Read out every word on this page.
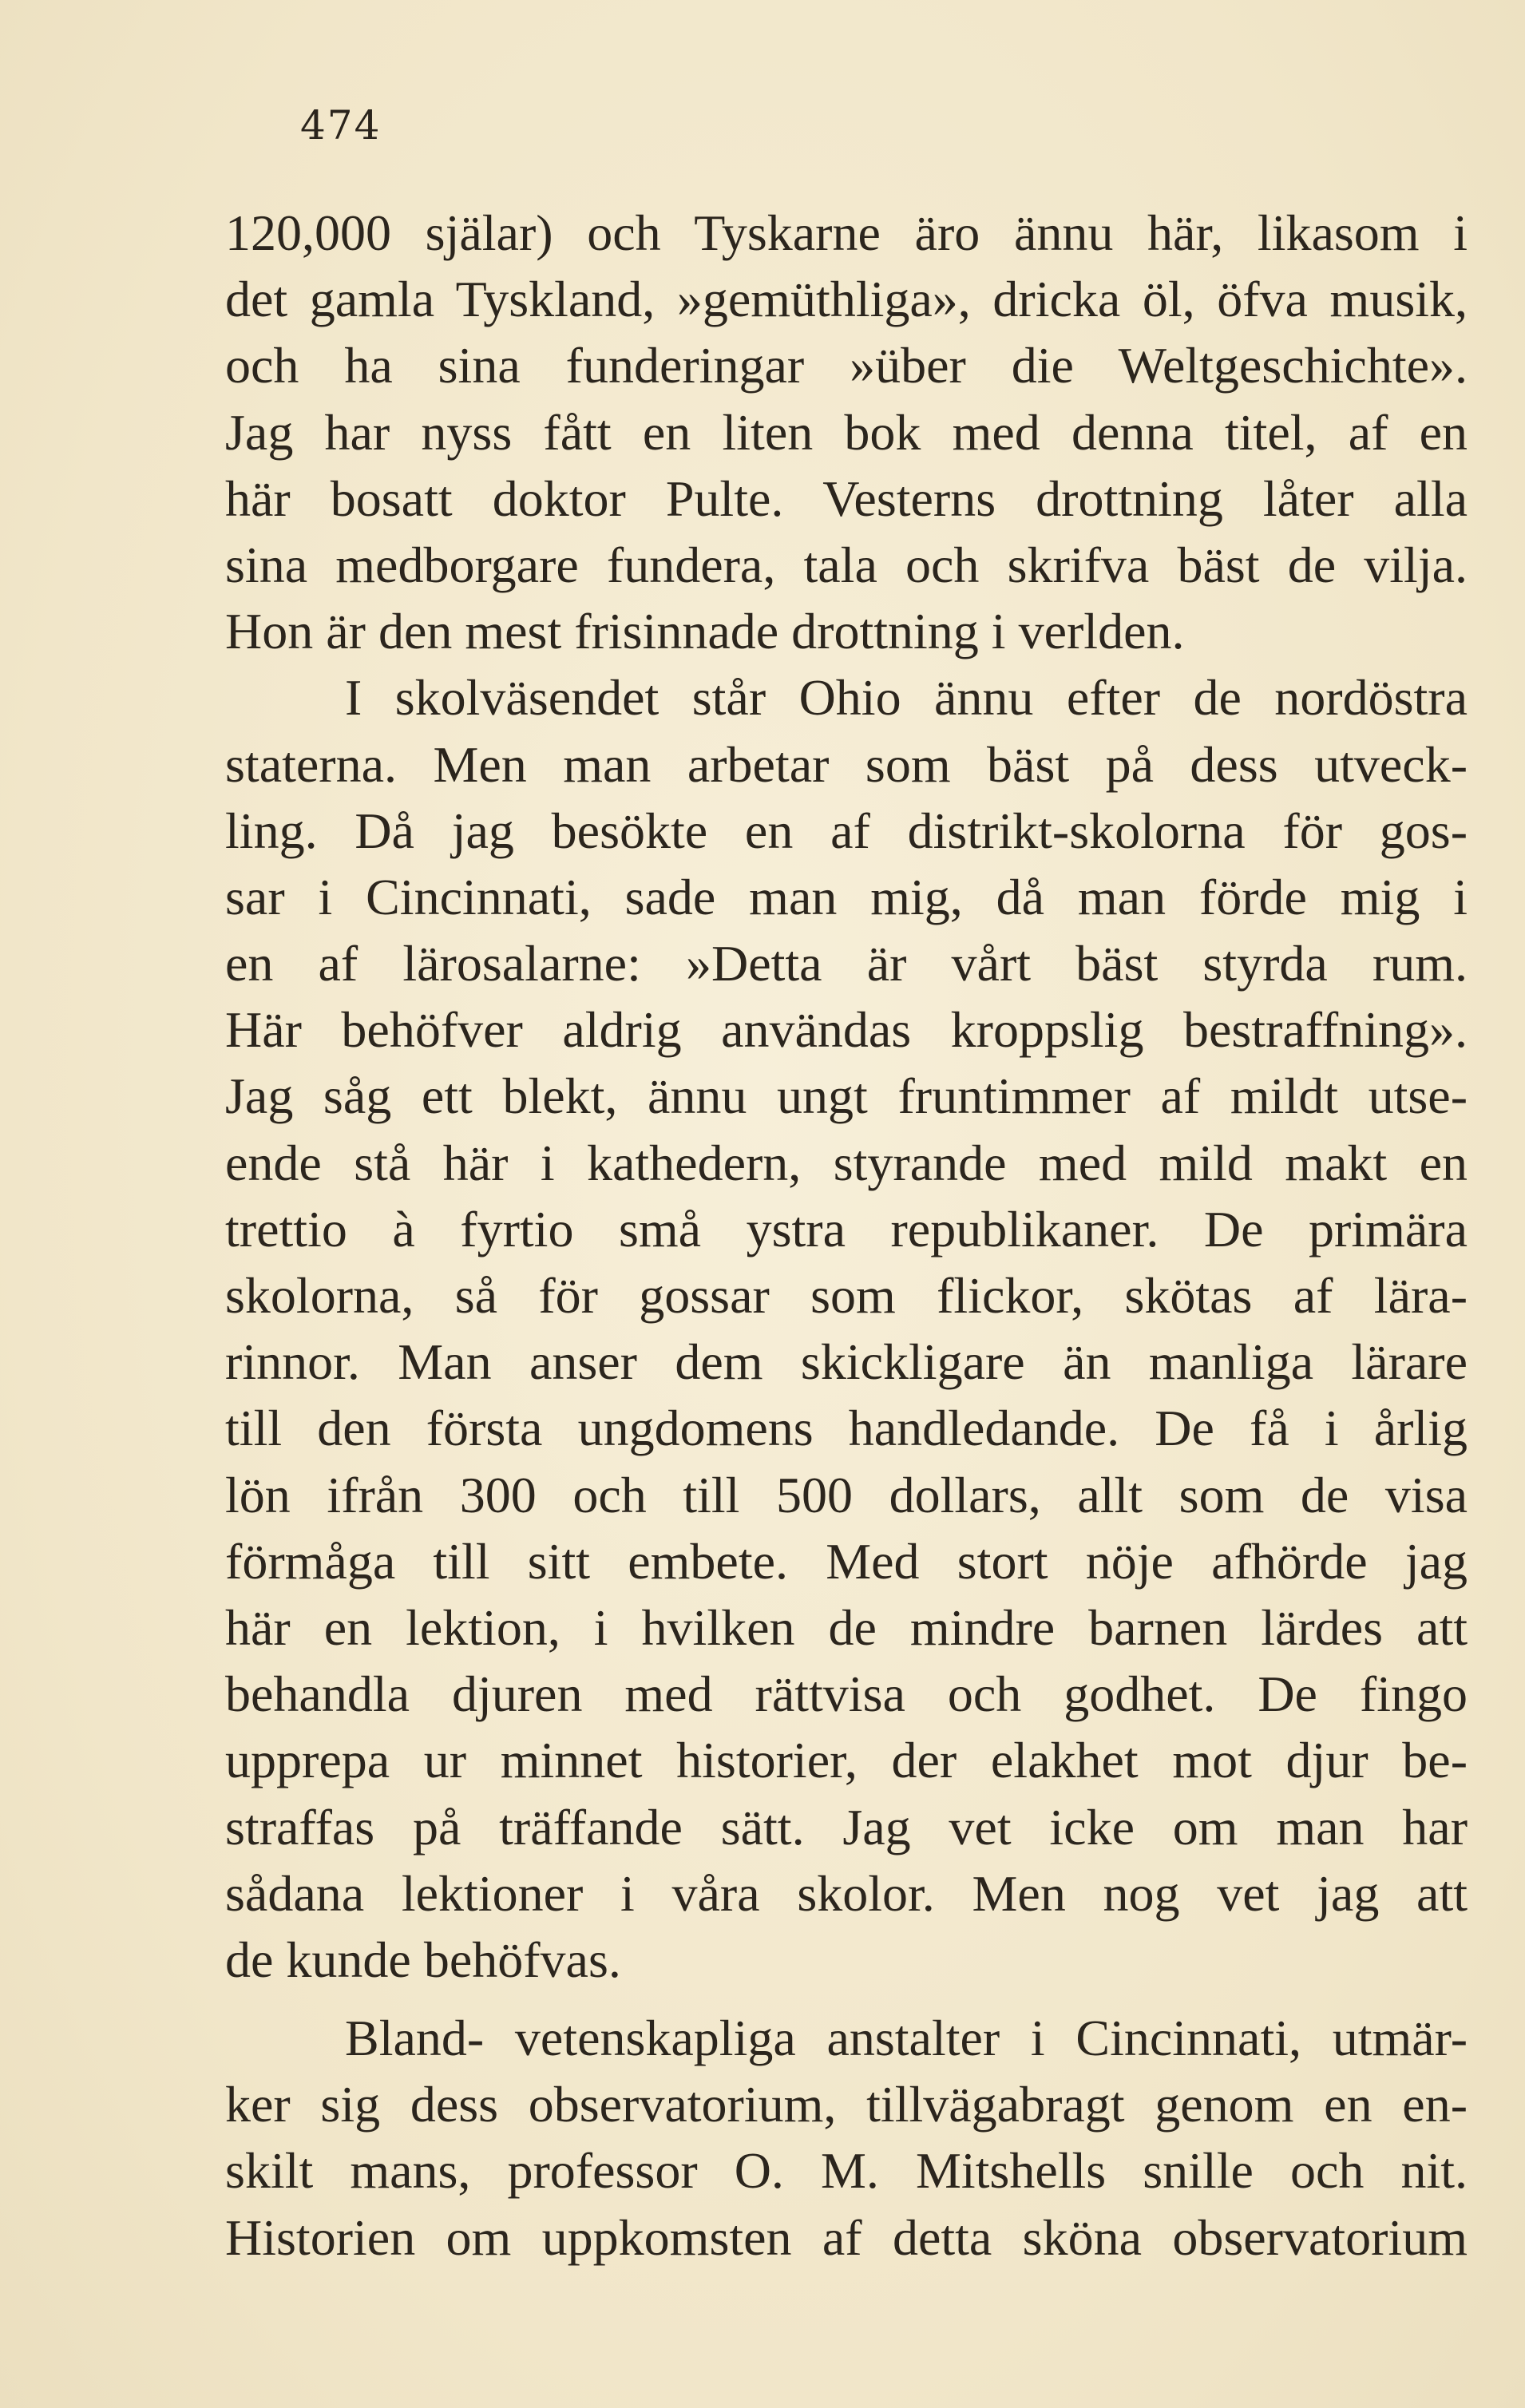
474
120,000 själar) och Tyskarne äro ännu här, likasom i
det gamla Tyskland, »gemüthliga», dricka öl, öfva musik,
och ha sina funderingar »über die Weltgeschichte».
Jag har nyss fått en liten bok med denna titel, af en
här bosatt doktor Pulte. Vesterns drottning låter alla
sina medborgare fundera, tala och skrifva bäst de vilja.
Hon är den mest frisinnade drottning i verlden.
I skolväsendet står Ohio ännu efter de nordöstra
staterna. Men man arbetar som bäst på dess utveck-
ling. Då jag besökte en af distrikt-skolorna för gos-
sar i Cincinnati, sade man mig, då man förde mig i
en af lärosalarne: »Detta är vårt bäst styrda rum.
Här behöfver aldrig användas kroppslig bestraffning».
Jag såg ett blekt, ännu ungt fruntimmer af mildt utse-
ende stå här i kathedern, styrande med mild makt en
trettio à fyrtio små ystra republikaner. De primära
skolorna, så för gossar som flickor, skötas af lära-
rinnor. Man anser dem skickligare än manliga lärare
till den första ungdomens handledande. De få i årlig
lön ifrån 300 och till 500 dollars, allt som de visa
förmåga till sitt embete. Med stort nöje afhörde jag
här en lektion, i hvilken de mindre barnen lärdes att
behandla djuren med rättvisa och godhet. De fingo
upprepa ur minnet historier, der elakhet mot djur be-
straffas på träffande sätt. Jag vet icke om man har
sådana lektioner i våra skolor. Men nog vet jag att
de kunde behöfvas.
Bland- vetenskapliga anstalter i Cincinnati, utmär-
ker sig dess observatorium, tillvägabragt genom en en-
skilt mans, professor O. M. Mitshells snille och nit.
Historien om uppkomsten af detta sköna observatorium
